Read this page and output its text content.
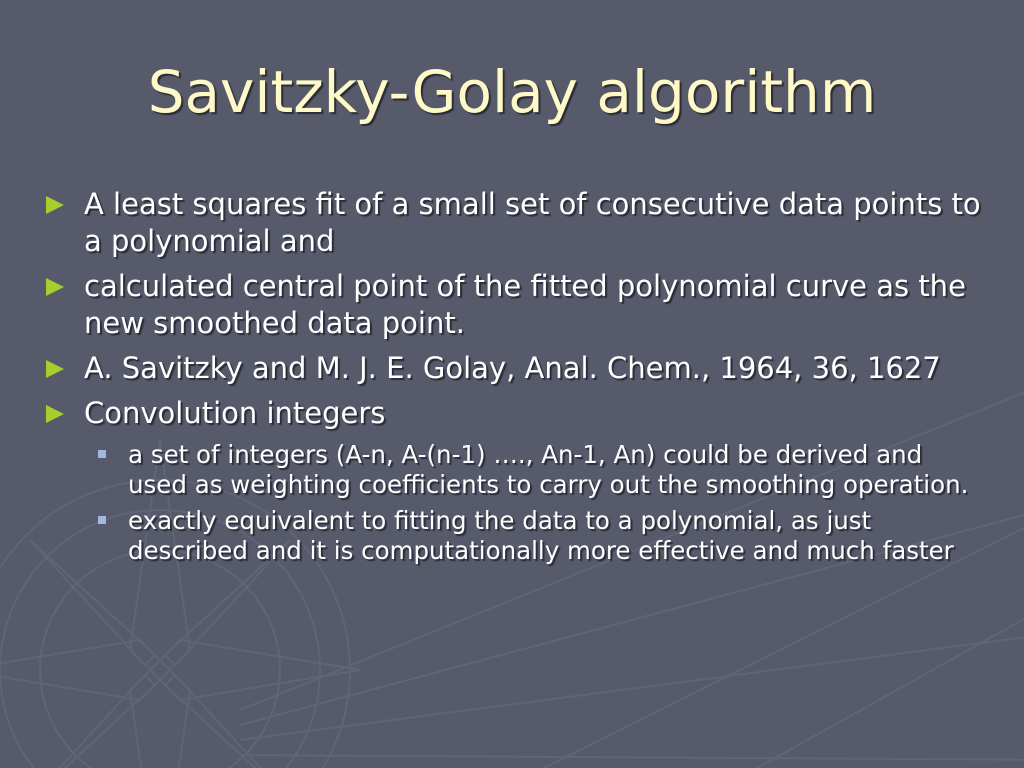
Savitzky-Golay algorithm
A least squares fit of a small set of consecutive data points to a polynomial and
calculated central point of the fitted polynomial curve as the new smoothed data point.
A. Savitzky and M. J. E. Golay, Anal. Chem., 1964, 36, 1627
Convolution integers
a set of integers (A-n, A-(n-1) …., An-1, An) could be derived and used as weighting coefficients to carry out the smoothing operation.
exactly equivalent to fitting the data to a polynomial, as just described and it is computationally more effective and much faster
